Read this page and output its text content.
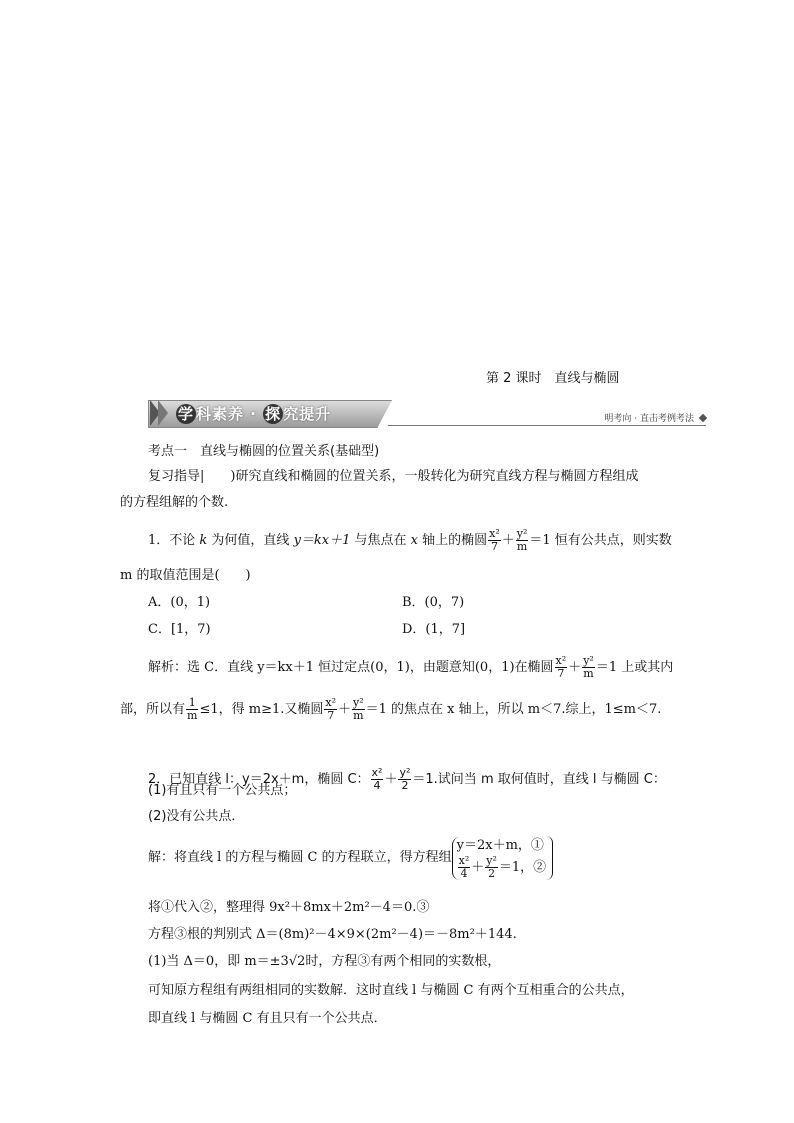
第 2 课时　直线与椭圆
学 科素养 · 探 究提升	明考向 · 直击考例考法
考点一　直线与椭圆的位置关系(基础型)
复习指导|　　)研究直线和椭圆的位置关系，一般转化为研究直线方程与椭圆方程组成
的方程组解的个数.
1．不论 k 为何值，直线 y＝kx＋1 与焦点在 x 轴上的椭圆 $\frac{\text{x²}}{7} + \frac{\text{y²}}{m} =1$ 恒有公共点，则实数
m 的取值范围是(　　)
A．(0，1)	B．(0，7)
C．[1，7)	D．(1，7]
解析：选 C．直线 y＝kx＋1 恒过定点(0，1)，由题意知(0，1)在椭圆 $\frac{\text{x²}}{7} + \frac{\text{y²}}{m} =1$ 上或其内
部，所以有 $\frac{1}{m} \le 1$，得 m≥1.又椭圆 $\frac{\text{x²}}{7} + \frac{\text{y²}}{m} =1$ 的焦点在 x 轴上，所以 m＜7.综上，1≤m＜7.
2．已知直线 l：y＝2x＋m，椭圆 C： $\frac{\text{x²}}{4} + \frac{\text{y²}}{2} =1$.试问当 m 取何值时，直线 l 与椭圆 C：
(1)有且只有一个公共点；
(2)没有公共点．
解：将直线 l 的方程与椭圆 C 的方程联立，得方程组
y＝2x＋m，①
$\frac{\text{x²}}{4} + \frac{\text{y²}}{2} =1$，②
将①代入②，整理得 9x²＋8mx＋2m²－4＝0.③
方程③根的判别式 Δ＝(8m)²－4×9×(2m²－4)＝－8m²＋144.
(1)当 Δ＝0，即 m＝±3√2时，方程③有两个相同的实数根，
可知原方程组有两组相同的实数解．这时直线 l 与椭圆 C 有两个互相重合的公共点，
即直线 l 与椭圆 C 有且只有一个公共点．
